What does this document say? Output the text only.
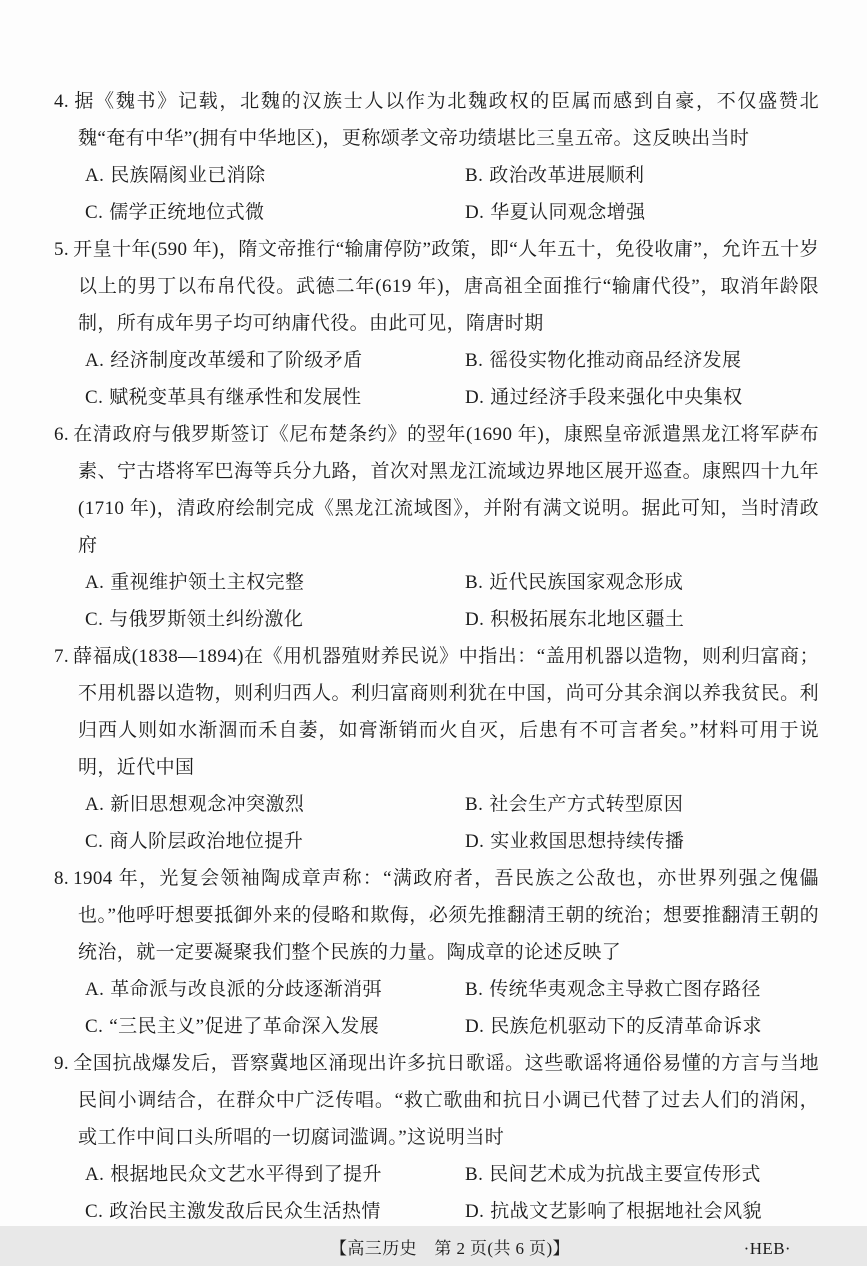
4. 据《魏书》记载，北魏的汉族士人以作为北魏政权的臣属而感到自豪，不仅盛赞北魏“奄有中华”(拥有中华地区)，更称颂孝文帝功绩堪比三皇五帝。这反映出当时

A. 民族隔阂业已消除	B. 政治改革进展顺利
C. 儒学正统地位式微	D. 华夏认同观念增强

5. 开皇十年(590 年)，隋文帝推行“输庸停防”政策，即“人年五十，免役收庸”，允许五十岁以上的男丁以布帛代役。武德二年(619 年)，唐高祖全面推行“输庸代役”，取消年龄限制，所有成年男子均可纳庸代役。由此可见，隋唐时期

A. 经济制度改革缓和了阶级矛盾	B. 徭役实物化推动商品经济发展
C. 赋税变革具有继承性和发展性	D. 通过经济手段来强化中央集权

6. 在清政府与俄罗斯签订《尼布楚条约》的翌年(1690 年)，康熙皇帝派遣黑龙江将军萨布素、宁古塔将军巴海等兵分九路，首次对黑龙江流域边界地区展开巡查。康熙四十九年(1710 年)，清政府绘制完成《黑龙江流域图》，并附有满文说明。据此可知，当时清政府

A. 重视维护领土主权完整	B. 近代民族国家观念形成
C. 与俄罗斯领土纠纷激化	D. 积极拓展东北地区疆土

7. 薛福成(1838—1894)在《用机器殖财养民说》中指出：“盖用机器以造物，则利归富商；不用机器以造物，则利归西人。利归富商则利犹在中国，尚可分其余润以养我贫民。利归西人则如水渐涸而禾自萎，如膏渐销而火自灭，后患有不可言者矣。”材料可用于说明，近代中国

A. 新旧思想观念冲突激烈	B. 社会生产方式转型原因
C. 商人阶层政治地位提升	D. 实业救国思想持续传播

8. 1904 年，光复会领袖陶成章声称：“满政府者，吾民族之公敌也，亦世界列强之傀儡也。”他呼吁想要抵御外来的侵略和欺侮，必须先推翻清王朝的统治；想要推翻清王朝的统治，就一定要凝聚我们整个民族的力量。陶成章的论述反映了

A. 革命派与改良派的分歧逐渐消弭	B. 传统华夷观念主导救亡图存路径
C. “三民主义”促进了革命深入发展	D. 民族危机驱动下的反清革命诉求

9. 全国抗战爆发后，晋察冀地区涌现出许多抗日歌谣。这些歌谣将通俗易懂的方言与当地民间小调结合，在群众中广泛传唱。“救亡歌曲和抗日小调已代替了过去人们的消闲，或工作中间口头所唱的一切腐词滥调。”这说明当时

A. 根据地民众文艺水平得到了提升	B. 民间艺术成为抗战主要宣传形式
C. 政治民主激发敌后民众生活热情	D. 抗战文艺影响了根据地社会风貌
【高三历史　第 2 页(共 6 页)】	·HEB·
